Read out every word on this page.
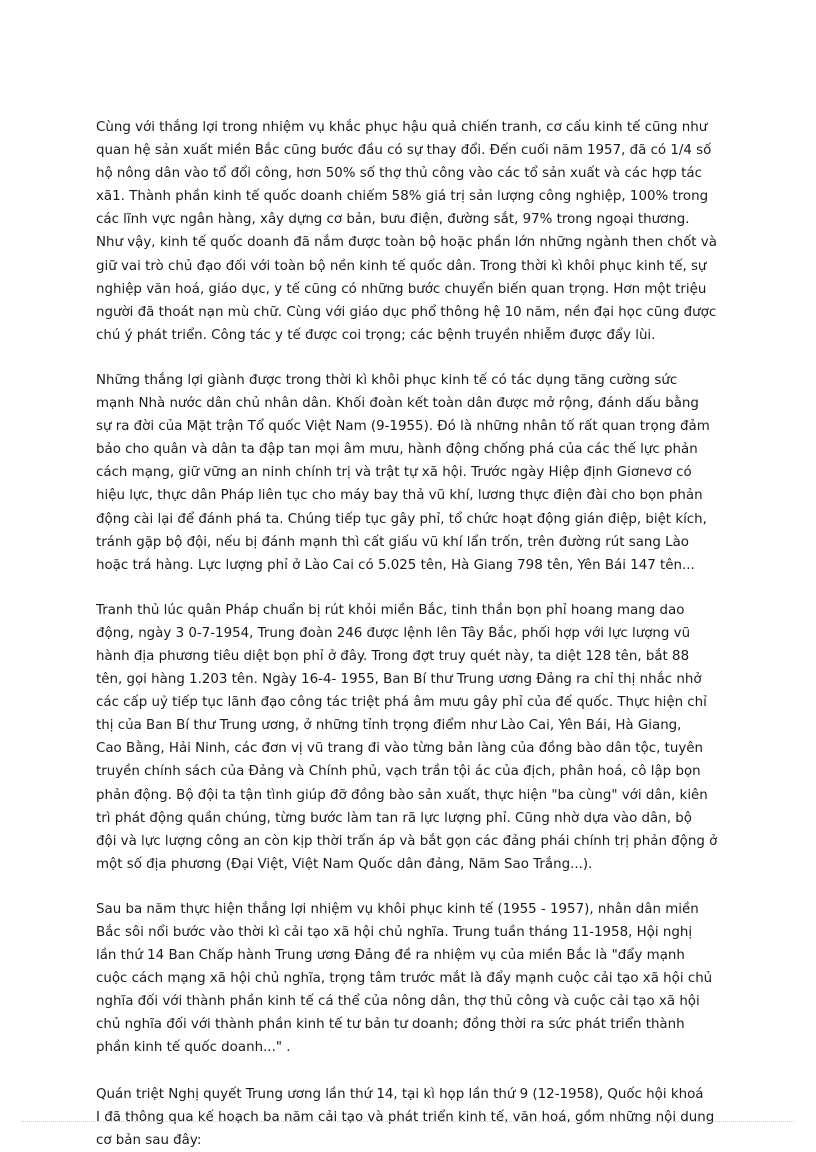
Cùng với thắng lợi trong nhiệm vụ khắc phục hậu quả chiến tranh, cơ cấu kinh tế cũng như
quan hệ sản xuất miền Bắc cũng bước đầu có sự thay đổi. Đến cuối năm 1957, đã có 1/4 số
hộ nông dân vào tổ đổi công, hơn 50% số thợ thủ công vào các tổ sản xuất và các hợp tác
xã1. Thành phần kinh tế quốc doanh chiếm 58% giá trị sản lượng công nghiệp, 100% trong
các lĩnh vực ngân hàng, xây dựng cơ bản, bưu điện, đường sắt, 97% trong ngoại thương.
Như vậy, kinh tế quốc doanh đã nắm được toàn bộ hoặc phần lớn những ngành then chốt và
giữ vai trò chủ đạo đối với toàn bộ nền kinh tế quốc dân. Trong thời kì khôi phục kinh tế, sự
nghiệp văn hoá, giáo dục, y tế cũng có những bước chuyển biến quan trọng. Hơn một triệu
người đã thoát nạn mù chữ. Cùng với giáo dục phổ thông hệ 10 năm, nền đại học cũng được
chú ý phát triển. Công tác y tế được coi trọng; các bệnh truyền nhiễm được đẩy lùi.

Những thắng lợi giành được trong thời kì khôi phục kinh tế có tác dụng tăng cường sức
mạnh Nhà nước dân chủ nhân dân. Khối đoàn kết toàn dân được mở rộng, đánh dấu bằng
sự ra đời của Mặt trận Tổ quốc Việt Nam (9-1955). Đó là những nhân tố rất quan trọng đảm
bảo cho quân và dân ta đập tan mọi âm mưu, hành động chống phá của các thế lực phản
cách mạng, giữ vững an ninh chính trị và trật tự xã hội. Trước ngày Hiệp định Giơnevơ có
hiệu lực, thực dân Pháp liên tục cho máy bay thả vũ khí, lương thực điện đài cho bọn phản
động cài lại để đánh phá ta. Chúng tiếp tục gây phỉ, tổ chức hoạt động gián điệp, biệt kích,
tránh gặp bộ đội, nếu bị đánh mạnh thì cất giấu vũ khí lẩn trốn, trên đường rút sang Lào
hoặc trá hàng. Lực lượng phỉ ở Lào Cai có 5.025 tên, Hà Giang 798 tên, Yên Bái 147 tên...

Tranh thủ lúc quân Pháp chuẩn bị rút khỏi miền Bắc, tinh thần bọn phỉ hoang mang dao
động, ngày 3 0-7-1954, Trung đoàn 246 được lệnh lên Tây Bắc, phối hợp với lực lượng vũ
hành địa phương tiêu diệt bọn phỉ ở đây. Trong đợt truy quét này, ta diệt 128 tên, bắt 88
tên, gọi hàng 1.203 tên. Ngày 16-4- 1955, Ban Bí thư Trung ương Đảng ra chỉ thị nhắc nhở
các cấp uỷ tiếp tục lãnh đạo công tác triệt phá âm mưu gây phỉ của đế quốc. Thực hiện chỉ
thị của Ban Bí thư Trung ương, ở những tỉnh trọng điểm như Lào Cai, Yên Bái, Hà Giang,
Cao Bằng, Hải Ninh, các đơn vị vũ trang đi vào từng bản làng của đồng bào dân tộc, tuyên
truyền chính sách của Đảng và Chính phủ, vạch trần tội ác của địch, phân hoá, cô lập bọn
phản động. Bộ đội ta tận tình giúp đỡ đồng bào sản xuất, thực hiện "ba cùng" với dân, kiên
trì phát động quần chúng, từng bước làm tan rã lực lượng phỉ. Cũng nhờ dựa vào dân, bộ
đội và lực lượng công an còn kịp thời trấn áp và bắt gọn các đảng phái chính trị phản động ở
một số địa phương (Đại Việt, Việt Nam Quốc dân đảng, Năm Sao Trắng...).

Sau ba năm thực hiện thắng lợi nhiệm vụ khôi phục kinh tế (1955 - 1957), nhân dân miền
Bắc sôi nổi bước vào thời kì cải tạo xã hội chủ nghĩa. Trung tuần tháng 11-1958, Hội nghị
lần thứ 14 Ban Chấp hành Trung ương Đảng đề ra nhiệm vụ của miền Bắc là "đẩy mạnh
cuộc cách mạng xã hội chủ nghĩa, trọng tâm trước mắt là đẩy mạnh cuộc cải tạo xã hội chủ
nghĩa đối với thành phần kinh tế cá thể của nông dân, thợ thủ công và cuộc cải tạo xã hội
chủ nghĩa đối với thành phần kinh tế tư bản tư doanh; đồng thời ra sức phát triển thành
phần kinh tế quốc doanh..." .

Quán triệt Nghị quyết Trung ương lần thứ 14, tại kì họp lần thứ 9 (12-1958), Quốc hội khoá
I đã thông qua kế hoạch ba năm cải tạo và phát triển kinh tế, văn hoá, gồm những nội dung
cơ bản sau đây:
